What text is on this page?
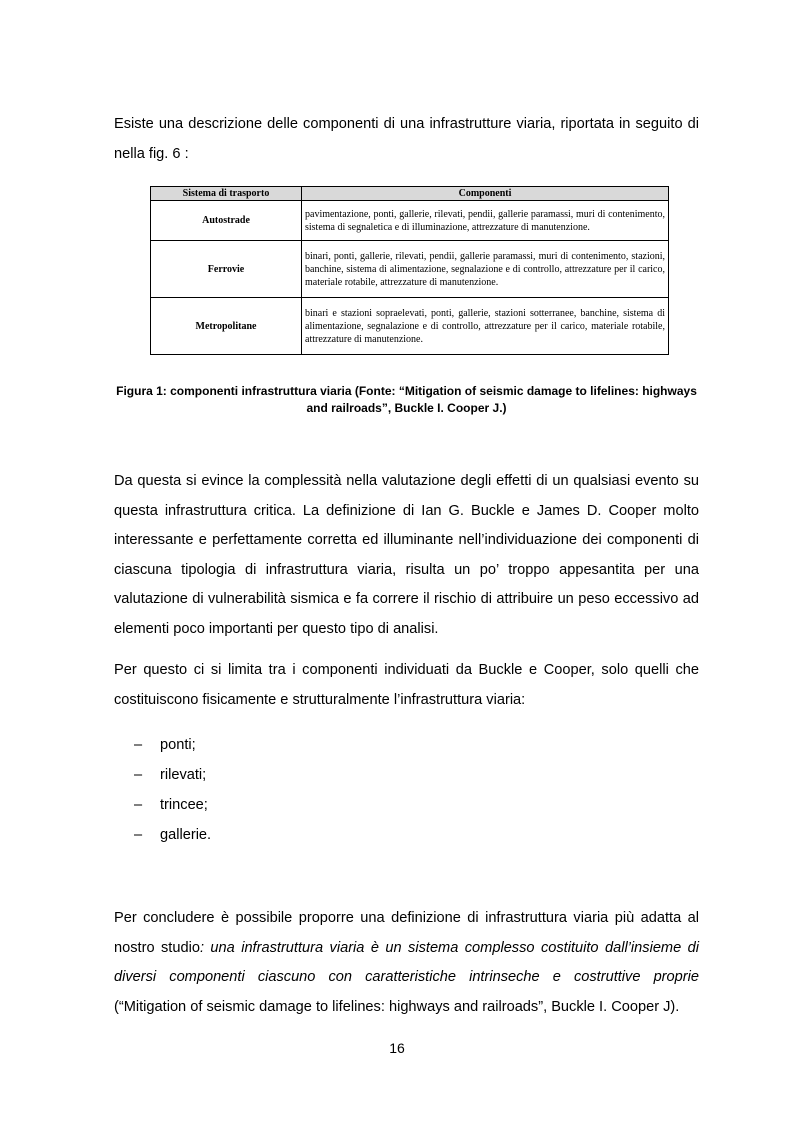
Esiste una descrizione delle componenti di una infrastrutture viaria, riportata in seguito di nella fig. 6 :

Sistema di trasporto	Componenti
Autostrade	pavimentazione, ponti, gallerie, rilevati, pendii, gallerie paramassi, muri di contenimento, sistema di segnaletica e di illuminazione, attrezzature di manutenzione.
Ferrovie	binari, ponti, gallerie, rilevati, pendii, gallerie paramassi, muri di contenimento, stazioni, banchine, sistema di alimentazione, segnalazione e di controllo, attrezzature per il carico, materiale rotabile, attrezzature di manutenzione.
Metropolitane	binari e stazioni sopraelevati, ponti, gallerie, stazioni sotterranee, banchine, sistema di alimentazione, segnalazione e di controllo, attrezzature per il carico, materiale rotabile, attrezzature di manutenzione.

Figura 1: componenti infrastruttura viaria (Fonte: “Mitigation of seismic damage to lifelines: highways and railroads”, Buckle I. Cooper J.)

Da questa si evince la complessità nella valutazione degli effetti di un qualsiasi evento su questa infrastruttura critica. La definizione di Ian G. Buckle e James D. Cooper molto interessante e perfettamente corretta ed illuminante nell’individuazione dei componenti di ciascuna tipologia di infrastruttura viaria, risulta un po’ troppo appesantita per una valutazione di vulnerabilità sismica e fa correre il rischio di attribuire un peso eccessivo ad elementi poco importanti per questo tipo di analisi.

Per questo ci si limita tra i componenti individuati da Buckle e Cooper, solo quelli che costituiscono fisicamente e strutturalmente l’infrastruttura viaria:

– ponti;
– rilevati;
– trincee;
– gallerie.

Per concludere è possibile proporre una definizione di infrastruttura viaria più adatta al nostro studio: una infrastruttura viaria è un sistema complesso costituito dall’insieme di diversi componenti ciascuno con caratteristiche intrinseche e costruttive proprie (“Mitigation of seismic damage to lifelines: highways and railroads”, Buckle I. Cooper J).

16
